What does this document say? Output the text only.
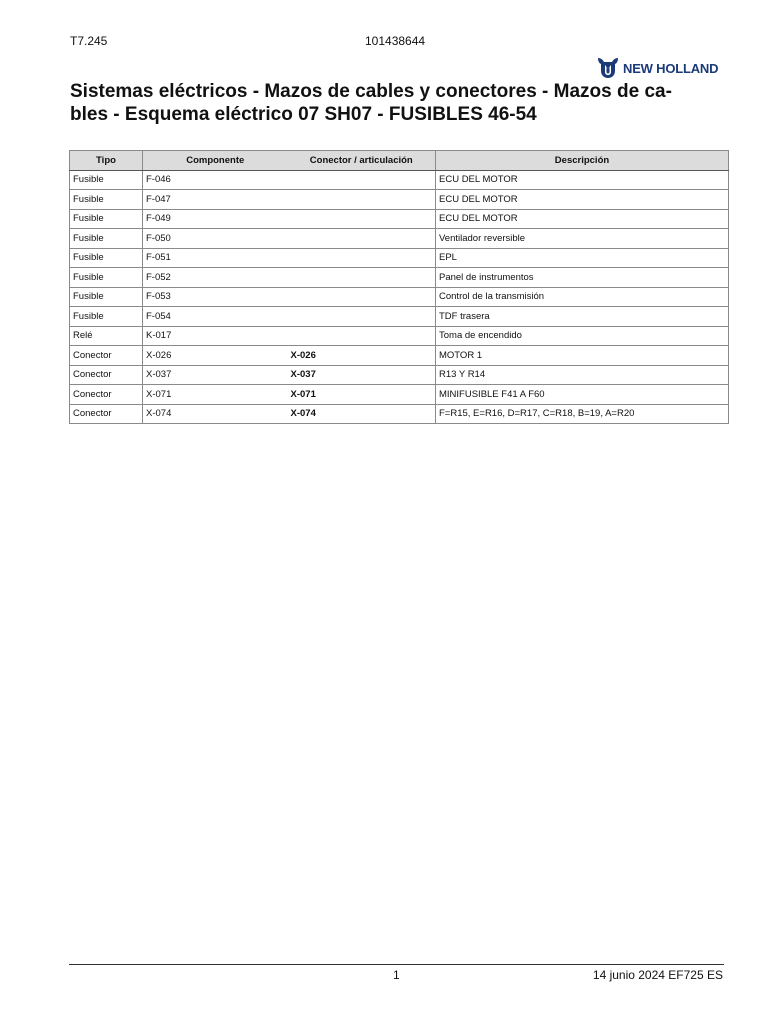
T7.245	101438644
NEW HOLLAND
Sistemas eléctricos - Mazos de cables y conectores - Mazos de ca-
bles - Esquema eléctrico 07 SH07 - FUSIBLES 46-54
Tipo	Componente	Conector / articulación	Descripción
Fusible	F-046		ECU DEL MOTOR
Fusible	F-047		ECU DEL MOTOR
Fusible	F-049		ECU DEL MOTOR
Fusible	F-050		Ventilador reversible
Fusible	F-051		EPL
Fusible	F-052		Panel de instrumentos
Fusible	F-053		Control de la transmisión
Fusible	F-054		TDF trasera
Relé	K-017		Toma de encendido
Conector	X-026	X-026	MOTOR 1
Conector	X-037	X-037	R13 Y R14
Conector	X-071	X-071	MINIFUSIBLE F41 A F60
Conector	X-074	X-074	F=R15, E=R16, D=R17, C=R18, B=19, A=R20
1	14 junio 2024 EF725 ES
